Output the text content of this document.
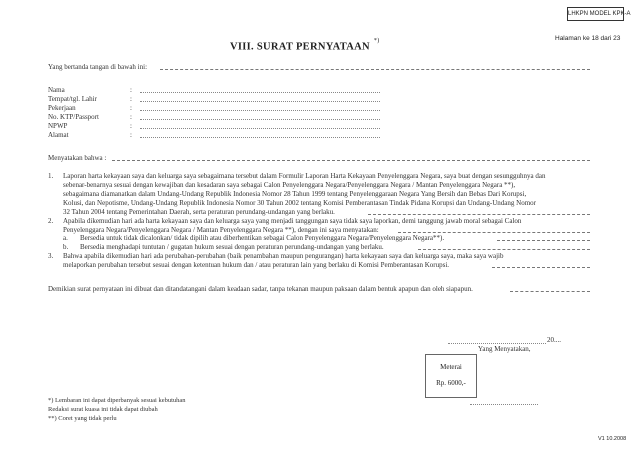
LHKPN MODEL KPK-A
Halaman ke 18 dari 23
VIII. SURAT PERNYATAAN*)
Yang bertanda tangan di bawah ini:
Nama	:
Tempat/tgl. Lahir	:
Pekerjaan	:
No. KTP/Passport	:
NPWP	:
Alamat	:
Menyatakan bahwa :
1. Laporan harta kekayaan saya dan keluarga saya sebagaimana tersebut dalam Formulir Laporan Harta Kekayaan Penyelenggara Negara, saya buat dengan sesungguhnya dan
sebenar-benarnya sesuai dengan kewajiban dan kesadaran saya sebagai Calon Penyelenggara Negara/Penyelenggara Negara / Mantan Penyelenggara Negara **),
sebagaimana diamanatkan dalam Undang-Undang Republik Indonesia Nomor 28 Tahun 1999 tentang Penyelenggaraan Negara Yang Bersih dan Bebas Dari Korupsi,
Kolusi, dan Nepotisme, Undang-Undang Republik Indonesia Nomor 30 Tahun 2002 tentang Komisi Pemberantasan Tindak Pidana Korupsi dan Undang-Undang Nomor
32 Tahun 2004 tentang Pemerintahan Daerah, serta peraturan perundang-undangan yang berlaku.
2. Apabila dikemudian hari ada harta kekayaan saya dan keluarga saya yang menjadi tanggungan saya tidak saya laporkan, demi tanggung jawab moral sebagai Calon
Penyelenggara Negara/Penyelenggara Negara / Mantan Penyelenggara Negara **), dengan ini saya menyatakan:
a. Bersedia untuk tidak dicalonkan/ tidak dipilih atau diberhentikan sebagai Calon Penyelenggara Negara/Penyelenggara Negara**).
b. Bersedia menghadapi tuntutan / gugatan hukum sesuai dengan peraturan perundang-undangan yang berlaku.
3. Bahwa apabila dikemudian hari ada perubahan-perubahan (baik penambahan maupun pengurangan) harta kekayaan saya dan keluarga saya, maka saya wajib
melaporkan perubahan tersebut sesuai dengan ketentuan hukum dan / atau peraturan lain yang berlaku di Komisi Pemberantasan Korupsi.
Demikian surat pernyataan ini dibuat dan ditandatangani dalam keadaan sadar, tanpa tekanan maupun paksaan dalam bentuk apapun dan oleh siapapun.
20....
Yang Menyatakan,
Meterai
Rp. 6000,-
*) Lembaran ini dapat diperbanyak sesuai kebutuhan
Redaksi surat kuasa ini tidak dapat diubah
**) Coret yang tidak perlu
V1 10.2008
